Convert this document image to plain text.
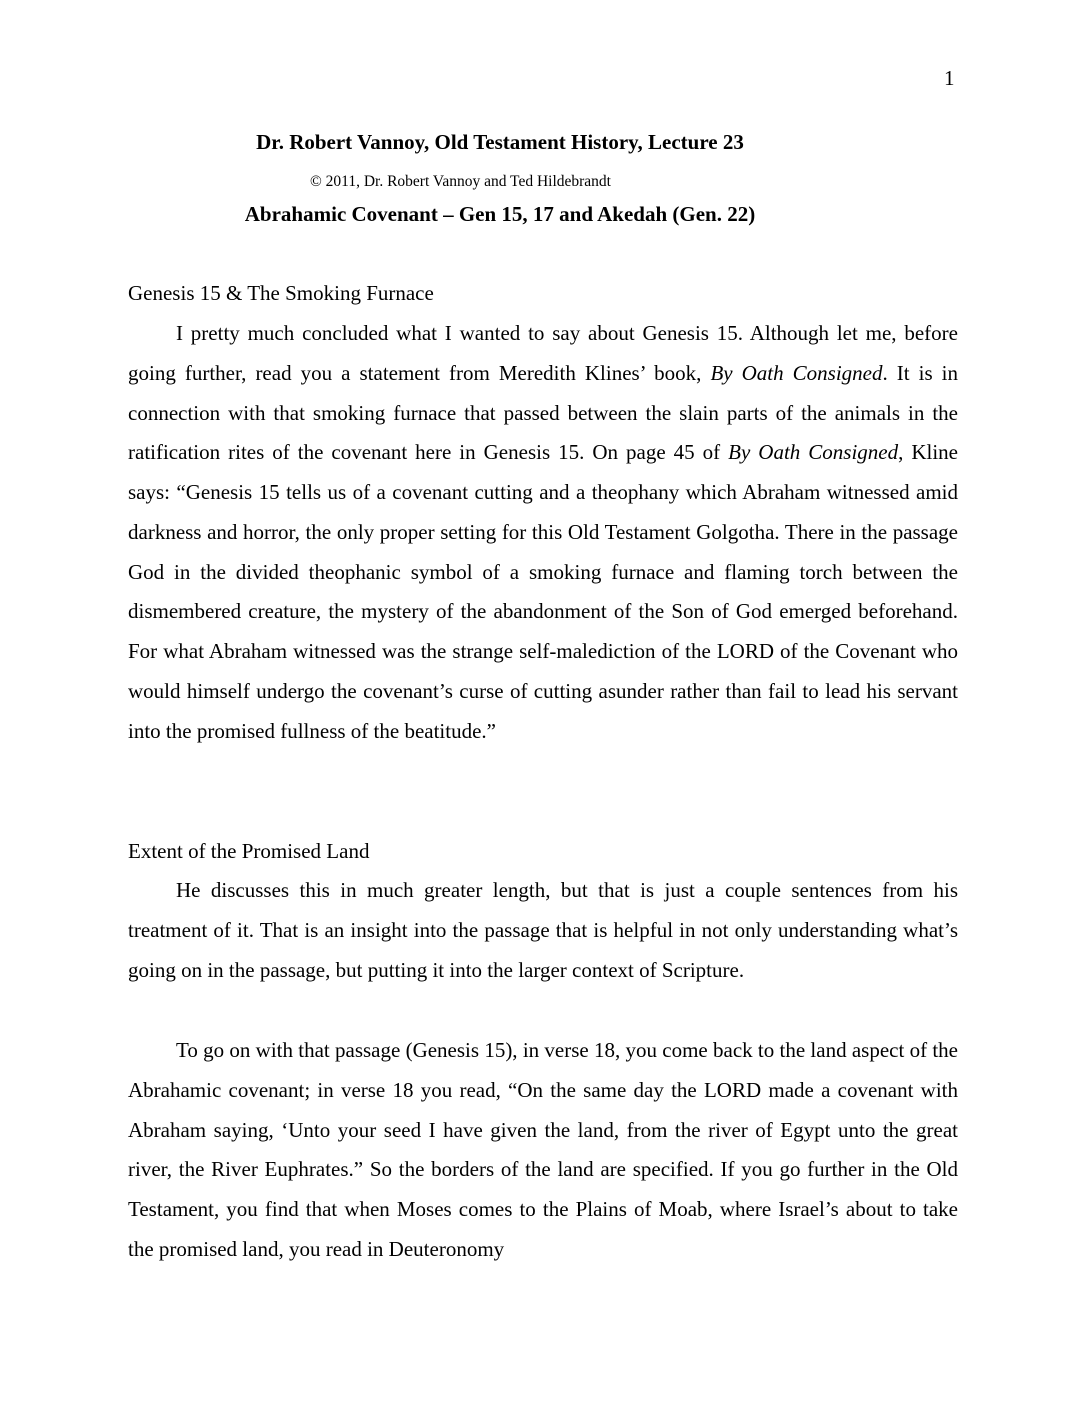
1
Dr. Robert Vannoy, Old Testament History, Lecture 23
© 2011, Dr. Robert Vannoy and Ted Hildebrandt
Abrahamic Covenant – Gen 15, 17 and Akedah (Gen. 22)
Genesis 15 & The Smoking Furnace

I pretty much concluded what I wanted to say about Genesis 15. Although let me, before going further, read you a statement from Meredith Klines’ book, By Oath Consigned. It is in connection with that smoking furnace that passed between the slain parts of the animals in the ratification rites of the covenant here in Genesis 15. On page 45 of By Oath Consigned, Kline says: “Genesis 15 tells us of a covenant cutting and a theophany which Abraham witnessed amid darkness and horror, the only proper setting for this Old Testament Golgotha. There in the passage God in the divided theophanic symbol of a smoking furnace and flaming torch between the dismembered creature, the mystery of the abandonment of the Son of God emerged beforehand. For what Abraham witnessed was the strange self-malediction of the LORD of the Covenant who would himself undergo the covenant’s curse of cutting asunder rather than fail to lead his servant into the promised fullness of the beatitude.”

Extent of the Promised Land

He discusses this in much greater length, but that is just a couple sentences from his treatment of it. That is an insight into the passage that is helpful in not only understanding what’s going on in the passage, but putting it into the larger context of Scripture.

To go on with that passage (Genesis 15), in verse 18, you come back to the land aspect of the Abrahamic covenant; in verse 18 you read, “On the same day the LORD made a covenant with Abraham saying, ‘Unto your seed I have given the land, from the river of Egypt unto the great river, the River Euphrates.” So the borders of the land are specified. If you go further in the Old Testament, you find that when Moses comes to the Plains of Moab, where Israel’s about to take the promised land, you read in Deuteronomy
